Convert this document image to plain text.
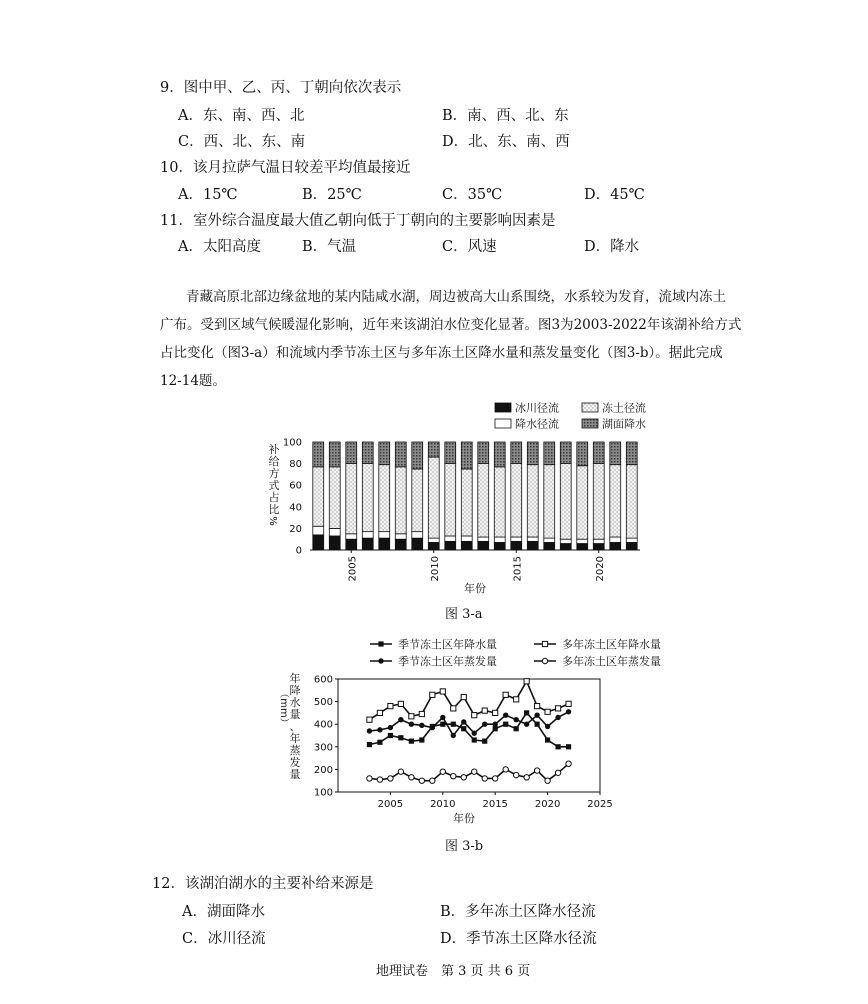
9．图中甲、乙、丙、丁朝向依次表示
A．东、南、西、北	B．南、西、北、东
C．西、北、东、南	D．北、东、南、西
10．该月拉萨气温日较差平均值最接近
A．15℃	B．25℃	C．35℃	D．45℃
11．室外综合温度最大值乙朝向低于丁朝向的主要影响因素是
A．太阳高度	B．气温	C．风速	D．降水
青藏高原北部边缘盆地的某内陆咸水湖，周边被高大山系围绕，水系较为发育，流域内冻土
广布。受到区域气候暖湿化影响，近年来该湖泊水位变化显著。图3为2003-2022年该湖补给方式
占比变化（图3-a）和流域内季节冻土区与多年冻土区降水量和蒸发量变化（图3-b）。据此完成
12-14题。
冰川径流	冻土径流
降水径流	湖面降水
0
20
40
60
80
100
2005	2010	2015	2020
年份
补
给
方
式
占
比
%
图 3-a
季节冻土区年降水量	多年冻土区年降水量
季节冻土区年蒸发量	多年冻土区年蒸发量
100
200
300
400
500
600
2005	2010	2015	2020	2025
年份
年
降
水
量
、
年
蒸
发
量
（mm）
图 3-b
12．该湖泊湖水的主要补给来源是
A．湖面降水	B．多年冻土区降水径流
C．冰川径流	D．季节冻土区降水径流
地理试卷　第 3 页 共 6 页
